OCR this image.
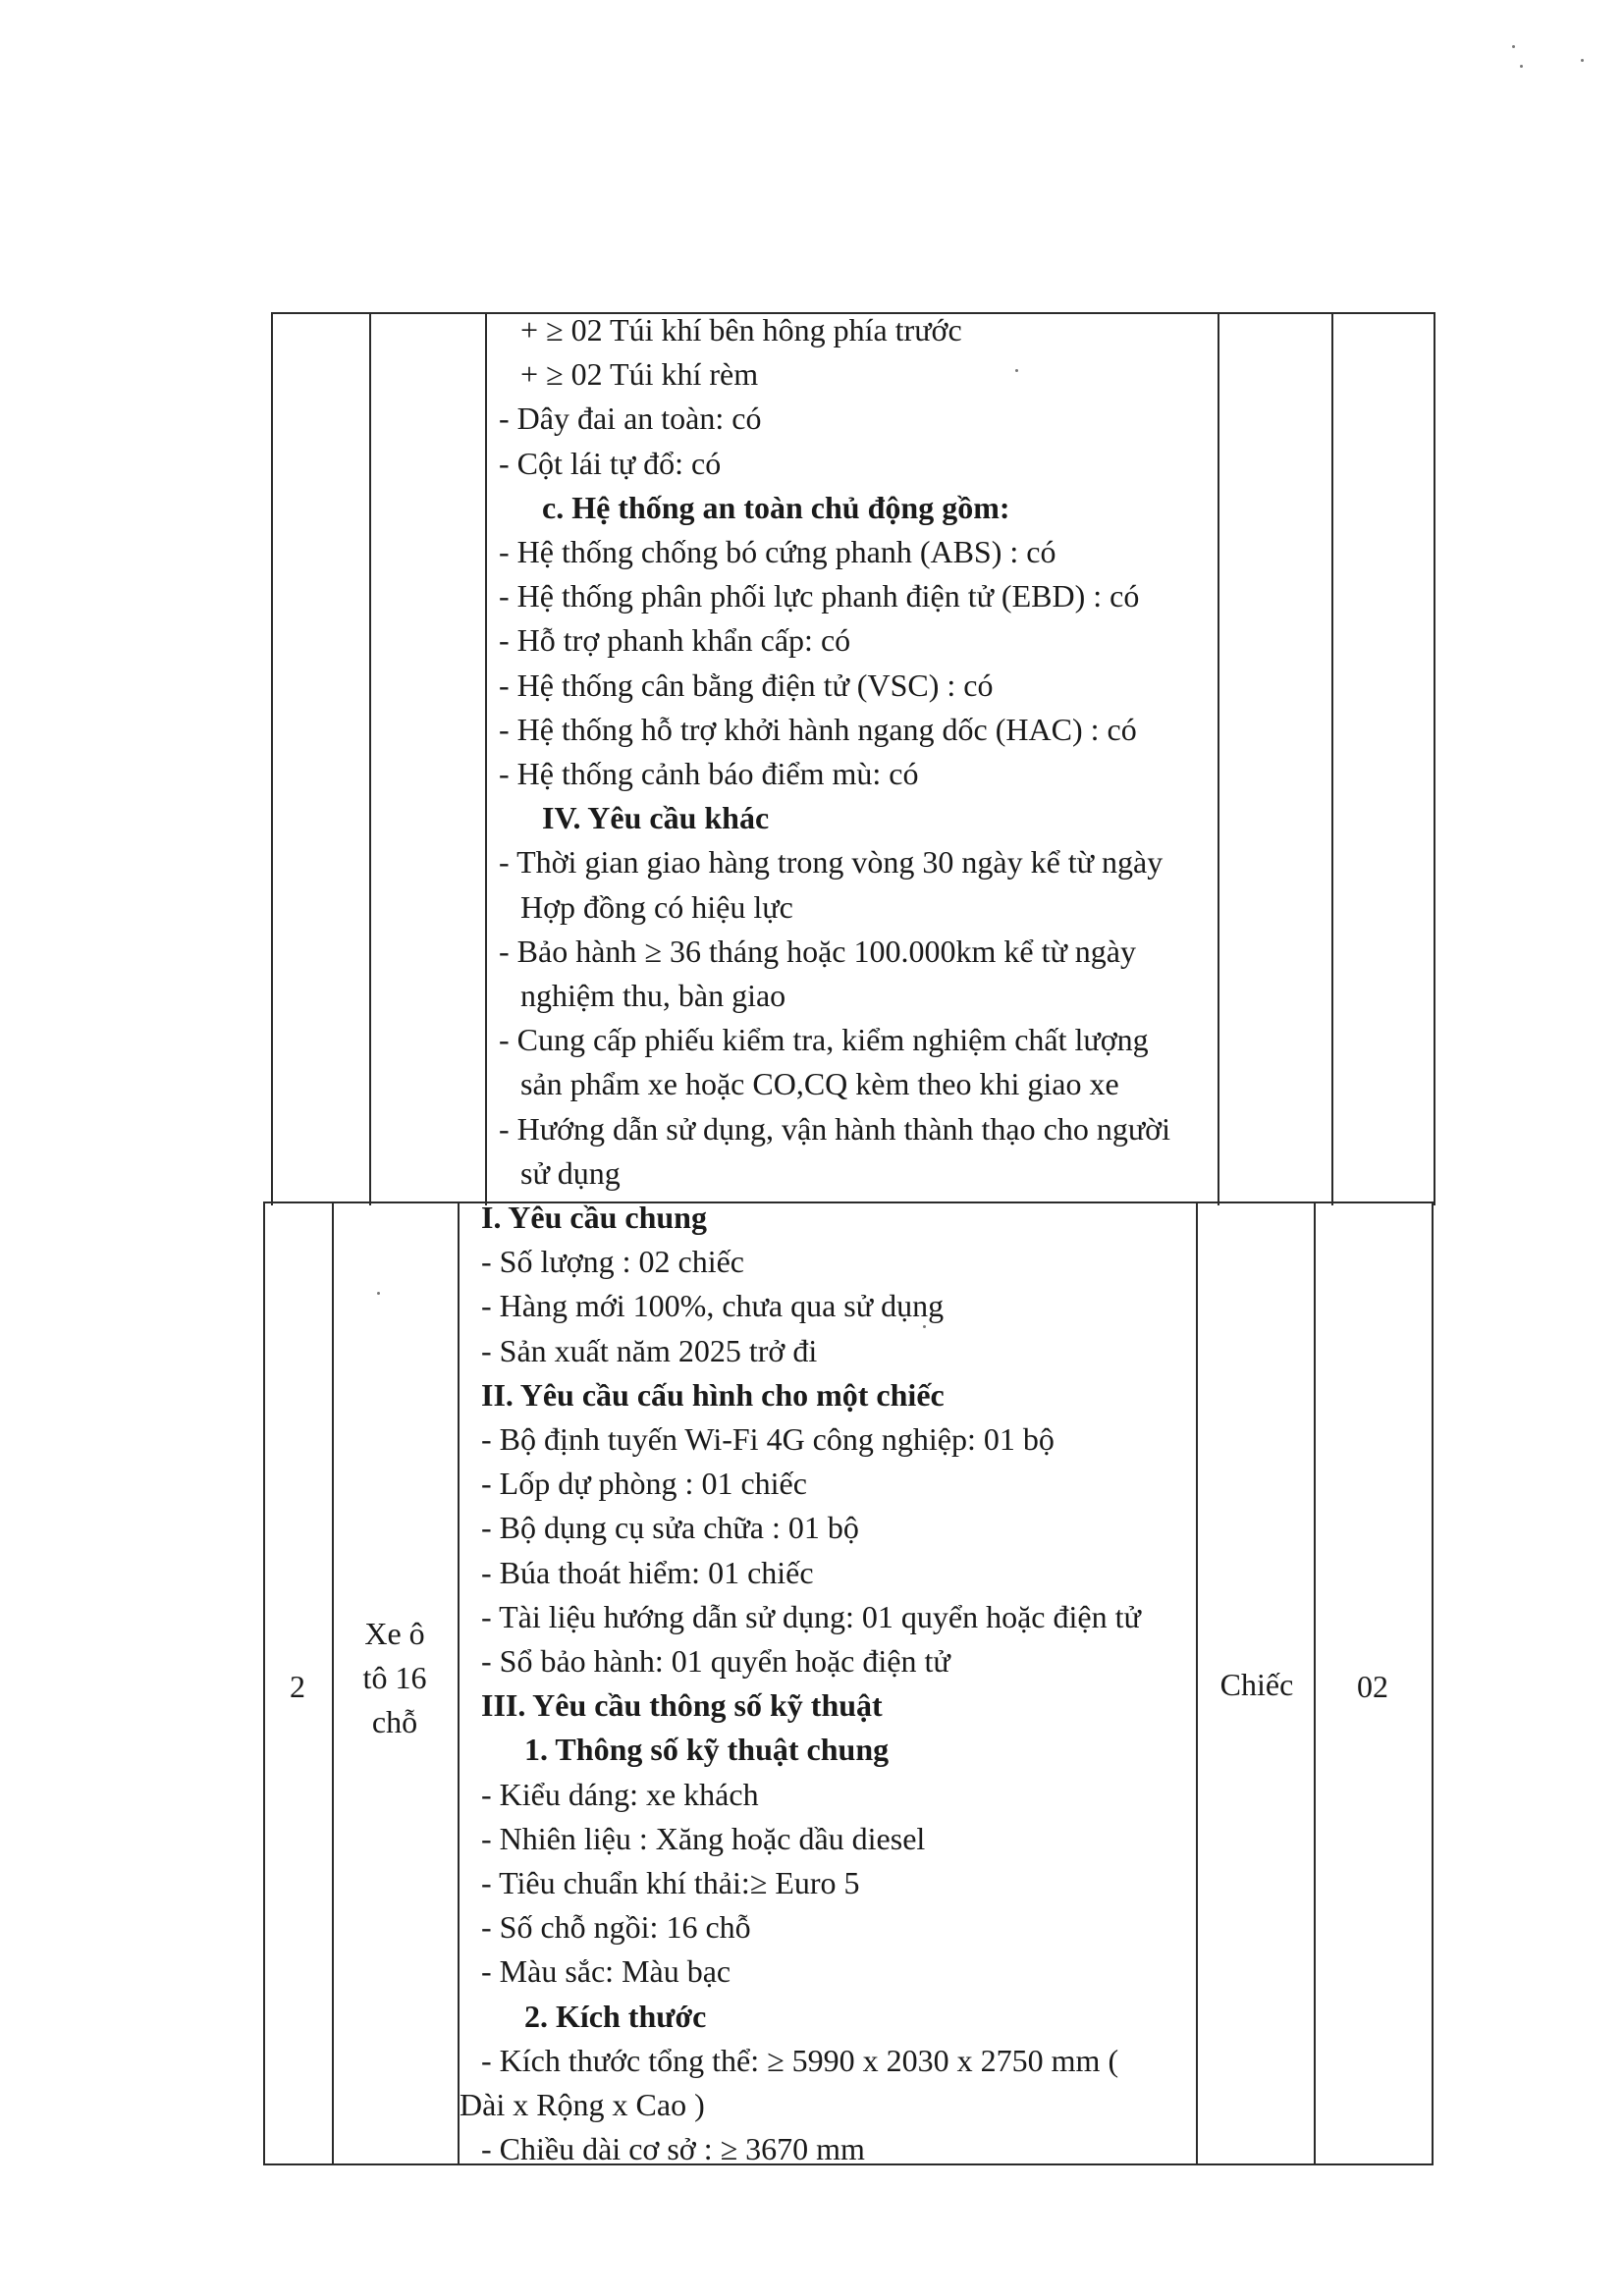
+ ≥ 02 Túi khí bên hông phía trước
+ ≥ 02 Túi khí rèm
- Dây đai an toàn: có
- Cột lái tự đổ: có
c. Hệ thống an toàn chủ động gồm:
- Hệ thống chống bó cứng phanh (ABS) : có
- Hệ thống phân phối lực phanh điện tử (EBD) : có
- Hỗ trợ phanh khẩn cấp: có
- Hệ thống cân bằng điện tử (VSC) : có
- Hệ thống hỗ trợ khởi hành ngang dốc (HAC) : có
- Hệ thống cảnh báo điểm mù: có
IV. Yêu cầu khác
- Thời gian giao hàng trong vòng 30 ngày kể từ ngày
Hợp đồng có hiệu lực
- Bảo hành ≥ 36 tháng hoặc 100.000km kể từ ngày
nghiệm thu, bàn giao
- Cung cấp phiếu kiểm tra, kiểm nghiệm chất lượng
sản phẩm xe hoặc CO,CQ kèm theo khi giao xe
- Hướng dẫn sử dụng, vận hành thành thạo cho người
sử dụng
2
Xe ô
tô 16
chỗ
Chiếc	02
I. Yêu cầu chung
- Số lượng : 02 chiếc
- Hàng mới 100%, chưa qua sử dụng
- Sản xuất năm 2025 trở đi
II. Yêu cầu cấu hình cho một chiếc
- Bộ định tuyến Wi-Fi 4G công nghiệp: 01 bộ
- Lốp dự phòng : 01 chiếc
- Bộ dụng cụ sửa chữa : 01 bộ
- Búa thoát hiểm: 01 chiếc
- Tài liệu hướng dẫn sử dụng: 01 quyển hoặc điện tử
- Sổ bảo hành: 01 quyển hoặc điện tử
III. Yêu cầu thông số kỹ thuật
1. Thông số kỹ thuật chung
- Kiểu dáng: xe khách
- Nhiên liệu : Xăng hoặc dầu diesel
- Tiêu chuẩn khí thải:≥ Euro 5
- Số chỗ ngồi: 16 chỗ
- Màu sắc: Màu bạc
2. Kích thước
- Kích thước tổng thể: ≥ 5990 x 2030 x 2750 mm (
Dài x Rộng x Cao )
- Chiều dài cơ sở : ≥ 3670 mm
